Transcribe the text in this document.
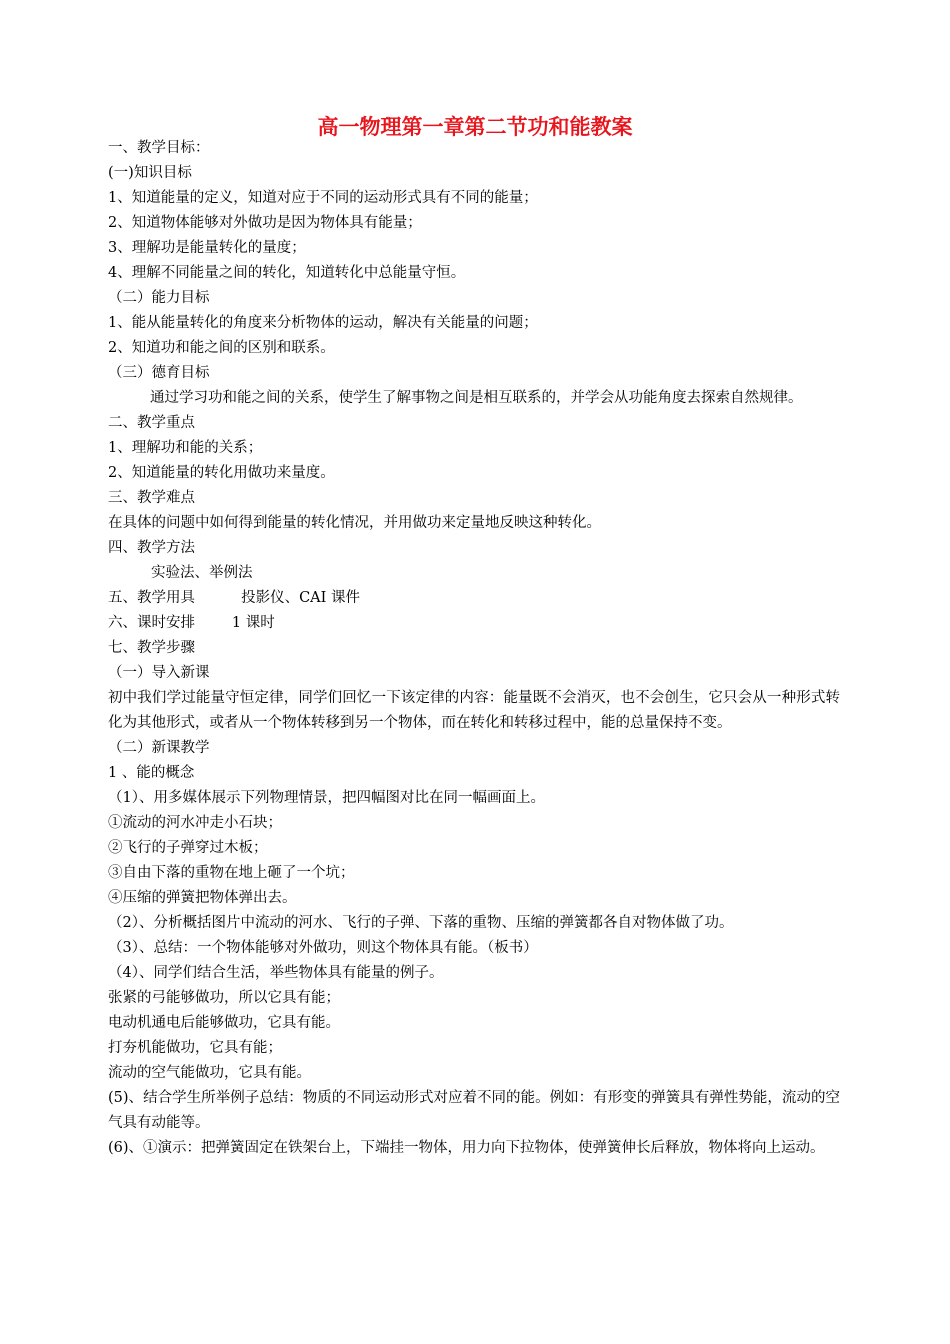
高一物理第一章第二节功和能教案
一、教学目标：
(一)知识目标
1、知道能量的定义，知道对应于不同的运动形式具有不同的能量；
2、知道物体能够对外做功是因为物体具有能量；
3、理解功是能量转化的量度；
4、理解不同能量之间的转化，知道转化中总能量守恒。
（二）能力目标
1、能从能量转化的角度来分析物体的运动，解决有关能量的问题；
2、知道功和能之间的区别和联系。
（三）德育目标
通过学习功和能之间的关系，使学生了解事物之间是相互联系的，并学会从功能角度去探索自然规律。
二、教学重点
1、理解功和能的关系；
2、知道能量的转化用做功来量度。
三、教学难点
在具体的问题中如何得到能量的转化情况，并用做功来定量地反映这种转化。
四、教学方法
实验法、举例法
五、教学用具          投影仪、CAI 课件
六、课时安排        1 课时
七、教学步骤
（一）导入新课
初中我们学过能量守恒定律，同学们回忆一下该定律的内容：能量既不会消灭，也不会创生，它只会从一种形式转化为其他形式，或者从一个物体转移到另一个物体，而在转化和转移过程中，能的总量保持不变。
（二）新课教学
1 、能的概念
（1）、用多媒体展示下列物理情景，把四幅图对比在同一幅画面上。
①流动的河水冲走小石块；
②飞行的子弹穿过木板；
③自由下落的重物在地上砸了一个坑；
④压缩的弹簧把物体弹出去。
（2）、分析概括图片中流动的河水、飞行的子弹、下落的重物、压缩的弹簧都各自对物体做了功。
（3）、总结：一个物体能够对外做功，则这个物体具有能。（板书）
（4）、同学们结合生活，举些物体具有能量的例子。
张紧的弓能够做功，所以它具有能；
电动机通电后能够做功，它具有能。
打夯机能做功，它具有能；
流动的空气能做功，它具有能。
(5)、结合学生所举例子总结：物质的不同运动形式对应着不同的能。例如：有形变的弹簧具有弹性势能，流动的空气具有动能等。
(6)、①演示：把弹簧固定在铁架台上，下端挂一物体，用力向下拉物体，使弹簧伸长后释放，物体将向上运动。
